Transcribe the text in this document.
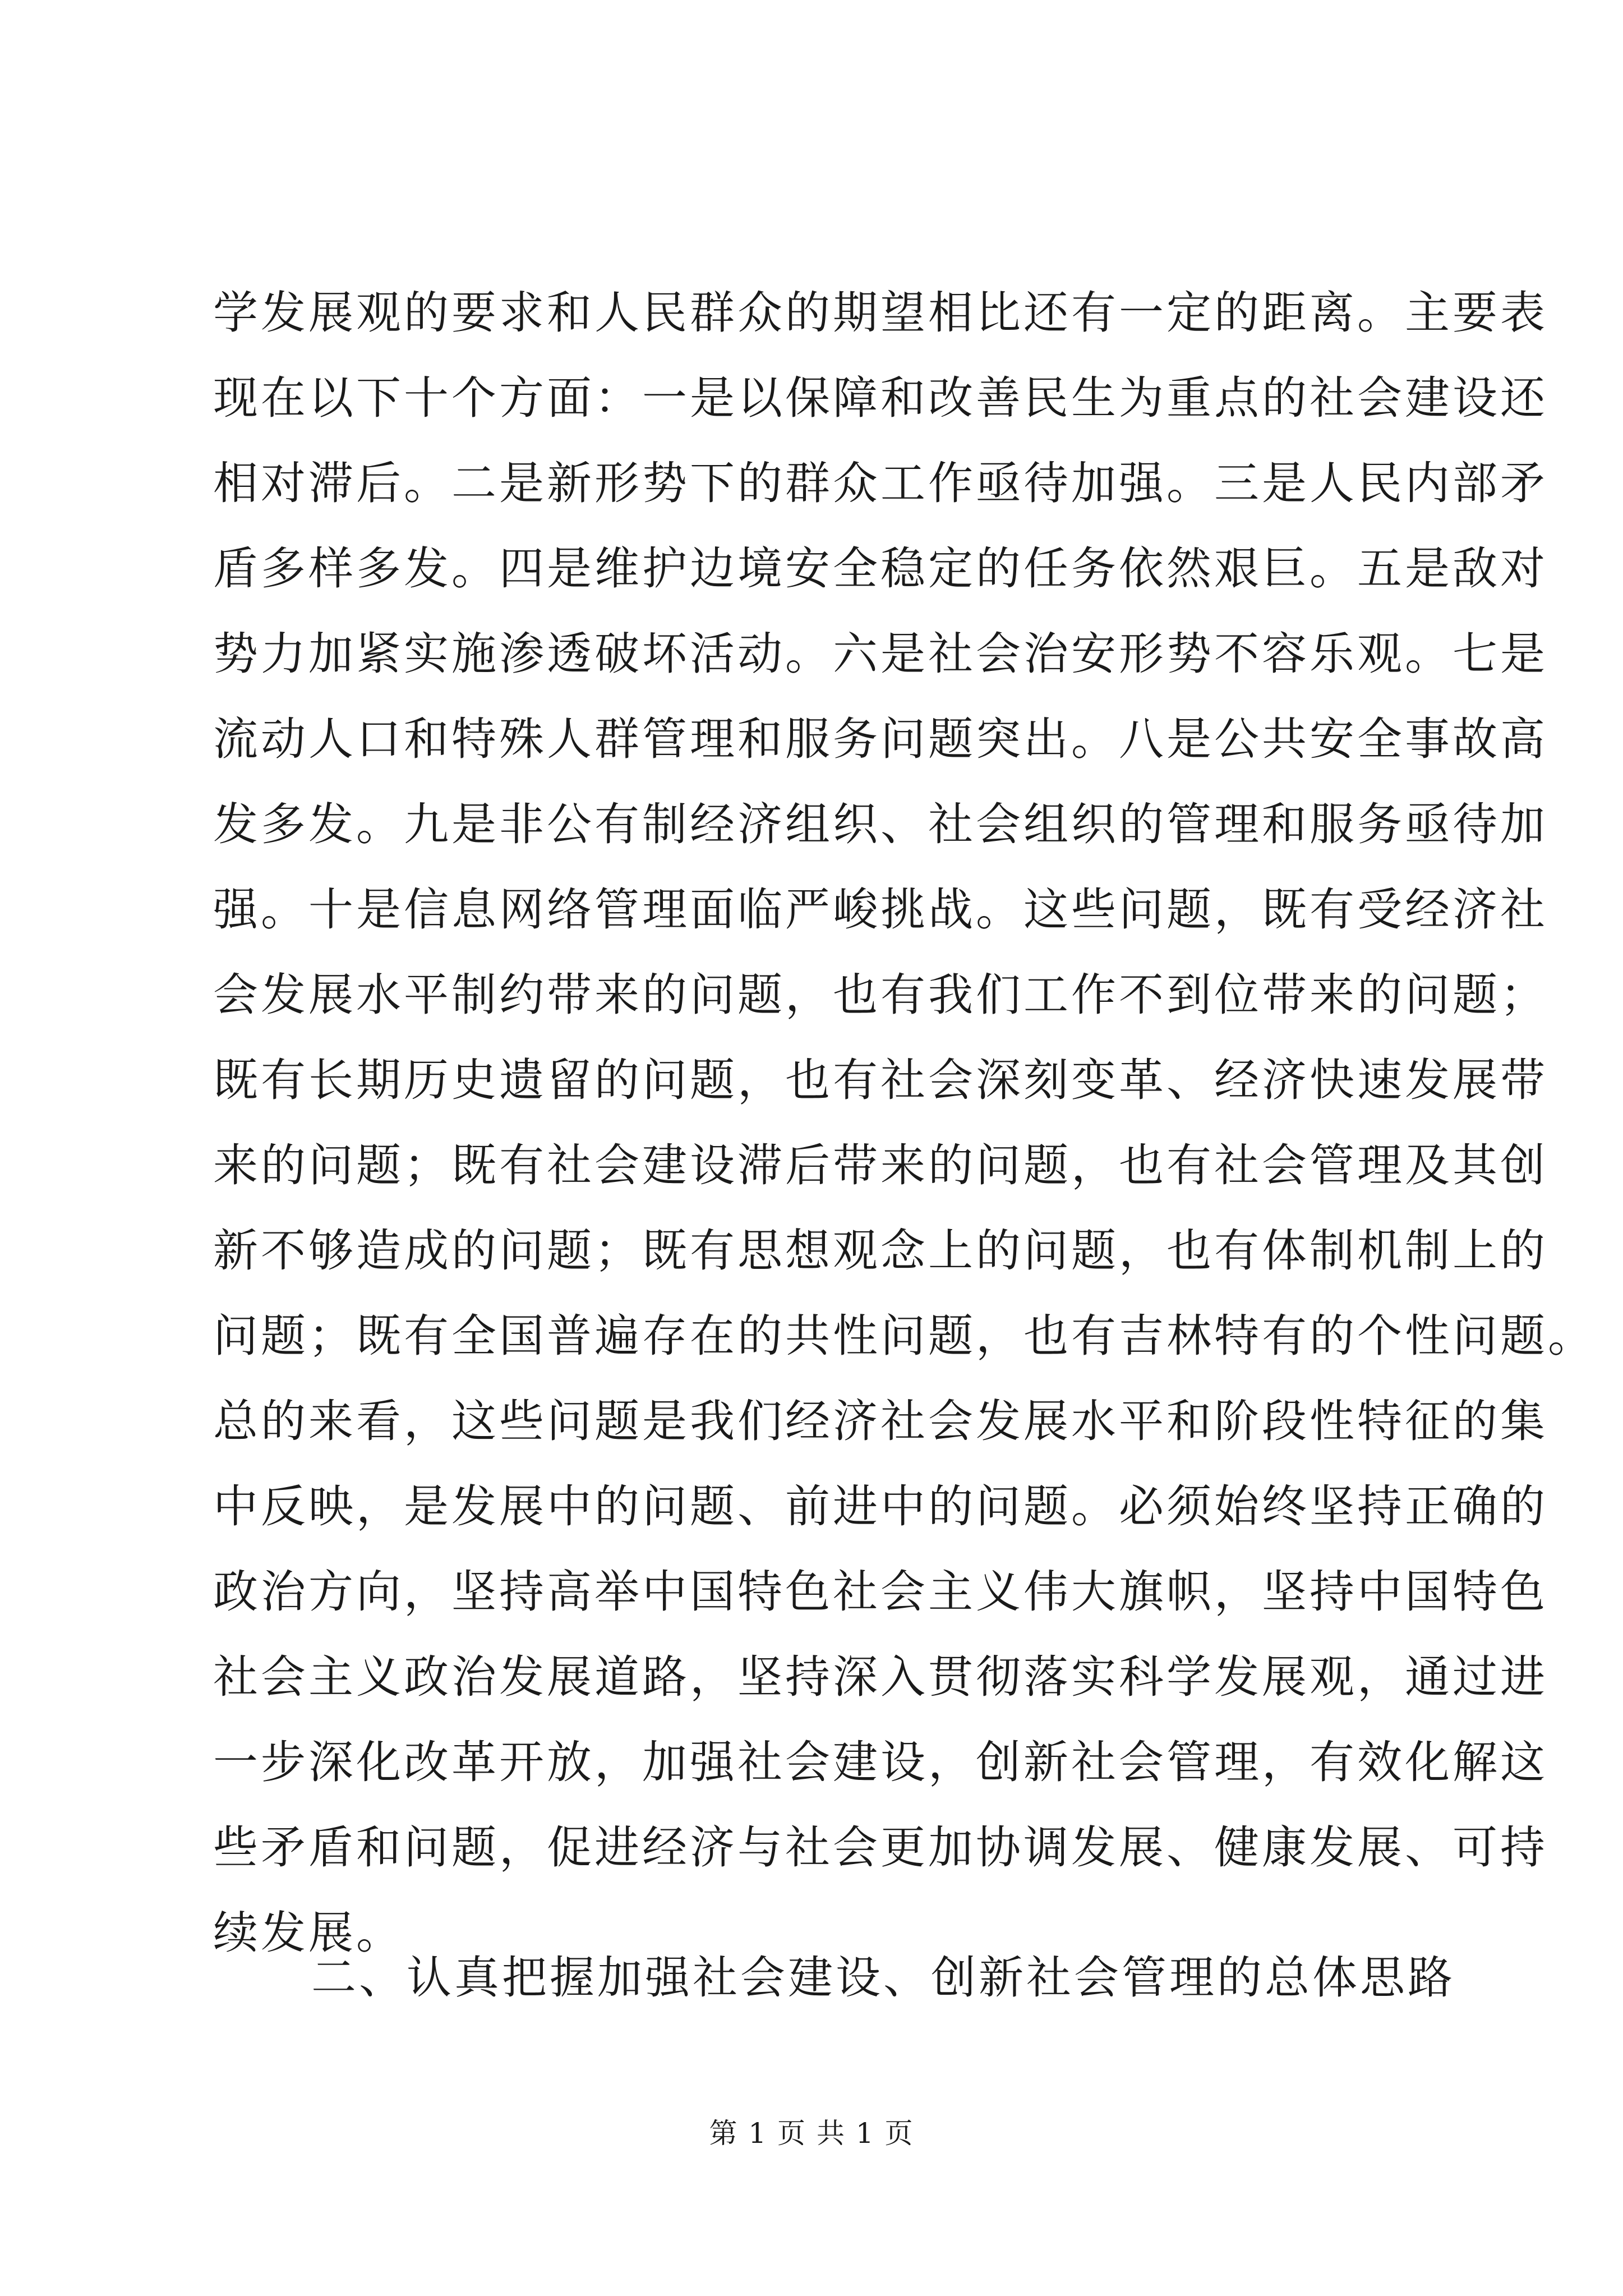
学发展观的要求和人民群众的期望相比还有一定的距离。主要表
现在以下十个方面：一是以保障和改善民生为重点的社会建设还
相对滞后。二是新形势下的群众工作亟待加强。三是人民内部矛
盾多样多发。四是维护边境安全稳定的任务依然艰巨。五是敌对
势力加紧实施渗透破坏活动。六是社会治安形势不容乐观。七是
流动人口和特殊人群管理和服务问题突出。八是公共安全事故高
发多发。九是非公有制经济组织、社会组织的管理和服务亟待加
强。十是信息网络管理面临严峻挑战。这些问题，既有受经济社
会发展水平制约带来的问题，也有我们工作不到位带来的问题；
既有长期历史遗留的问题，也有社会深刻变革、经济快速发展带
来的问题；既有社会建设滞后带来的问题，也有社会管理及其创
新不够造成的问题；既有思想观念上的问题，也有体制机制上的
问题；既有全国普遍存在的共性问题，也有吉林特有的个性问题。
总的来看，这些问题是我们经济社会发展水平和阶段性特征的集
中反映，是发展中的问题、前进中的问题。必须始终坚持正确的
政治方向，坚持高举中国特色社会主义伟大旗帜，坚持中国特色
社会主义政治发展道路，坚持深入贯彻落实科学发展观，通过进
一步深化改革开放，加强社会建设，创新社会管理，有效化解这
些矛盾和问题，促进经济与社会更加协调发展、健康发展、可持
续发展。
二、认真把握加强社会建设、创新社会管理的总体思路
第 1 页 共 1 页
